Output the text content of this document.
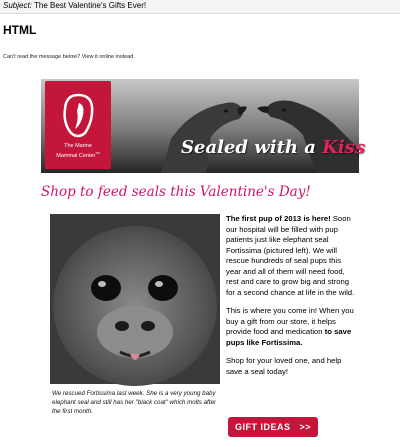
Subject: The Best Valentine's Gifts Ever!
HTML
Can't read the message below? View it online instead.
The Marine
Mammal Center™	Sealed with a Kiss
Shop to feed seals this Valentine's Day!
We rescued Fortissima last week. She is a very young baby elephant seal and still has her "black coat" which molts after the first month.

The first pup of 2013 is here! Soon our hospital will be filled with pup patients just like elephant seal Fortissima (pictured left). We will rescue hundreds of seal pups this year and all of them will need food, rest and care to grow big and strong for a second chance at life in the wild.

This is where you come in! When you buy a gift from our store, it helps provide food and medication to save pups like Fortissima.

Shop for your loved one, and help save a seal today!

GIFT IDEAS >>
